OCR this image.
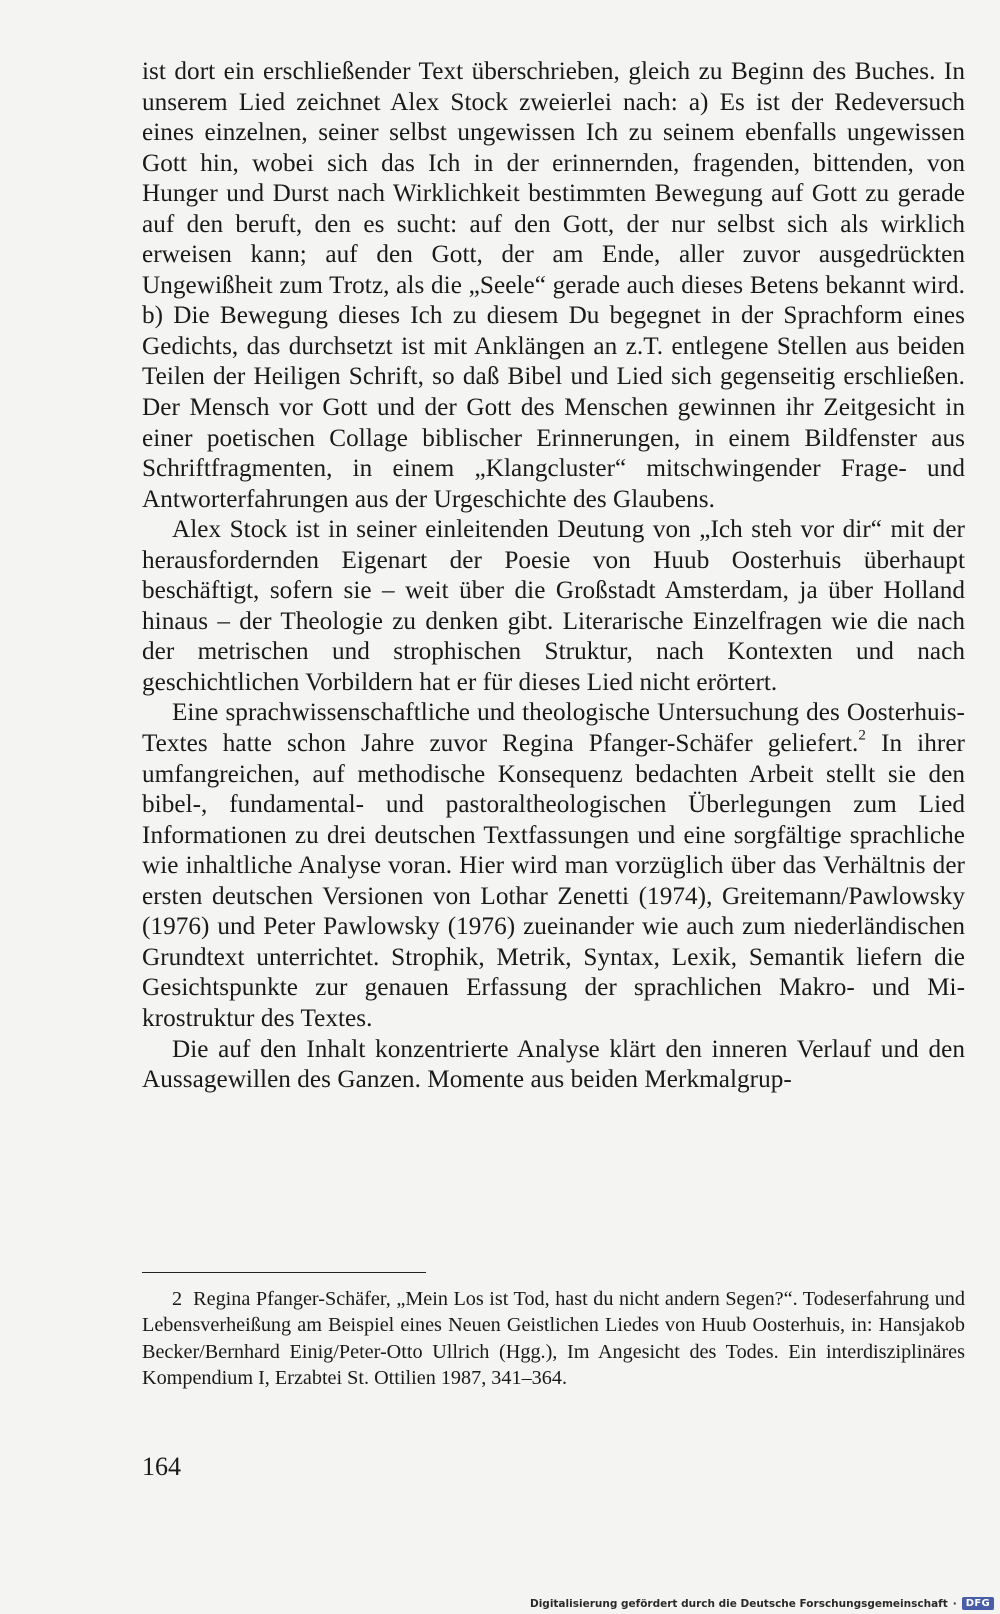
ist dort ein erschließender Text überschrieben, gleich zu Beginn des Buches. In unserem Lied zeichnet Alex Stock zweierlei nach: a) Es ist der Redeversuch eines einzelnen, seiner selbst ungewissen Ich zu seinem ebenfalls ungewissen Gott hin, wobei sich das Ich in der erinnernden, fragenden, bittenden, von Hunger und Durst nach Wirklichkeit bestimmten Bewegung auf Gott zu gerade auf den beruft, den es sucht: auf den Gott, der nur selbst sich als wirklich erweisen kann; auf den Gott, der am Ende, aller zuvor ausgedrückten Ungewißheit zum Trotz, als die „Seele“ gerade auch dieses Betens bekannt wird. b) Die Bewegung dieses Ich zu diesem Du begegnet in der Sprachform eines Gedichts, das durchsetzt ist mit Anklängen an z.T. entlegene Stellen aus beiden Teilen der Heiligen Schrift, so daß Bibel und Lied sich gegenseitig erschließen. Der Mensch vor Gott und der Gott des Menschen gewinnen ihr Zeitgesicht in einer poetischen Collage biblischer Erinnerungen, in einem Bildfenster aus Schriftfragmenten, in einem „Klangcluster“ mitschwingender Frage- und Antworterfahrungen aus der Urgeschichte des Glaubens.

Alex Stock ist in seiner einleitenden Deutung von „Ich steh vor dir“ mit der herausfordernden Eigenart der Poesie von Huub Oosterhuis überhaupt beschäftigt, sofern sie – weit über die Großstadt Amsterdam, ja über Holland hinaus – der Theologie zu denken gibt. Literarische Einzelfragen wie die nach der metrischen und strophischen Struktur, nach Kontexten und nach geschichtlichen Vorbildern hat er für dieses Lied nicht erörtert.

Eine sprachwissenschaftliche und theologische Untersuchung des Oosterhuis-Textes hatte schon Jahre zuvor Regina Pfanger-Schäfer geliefert.$^2$ In ihrer umfangreichen, auf methodische Konsequenz bedachten Arbeit stellt sie den bibel-, fundamental- und pastoraltheologischen Überlegungen zum Lied Informationen zu drei deutschen Textfassungen und eine sorgfältige sprachliche wie inhaltliche Analyse voran. Hier wird man vorzüglich über das Verhältnis der ersten deutschen Versionen von Lothar Zenetti (1974), Greitemann/Pawlowsky (1976) und Peter Pawlowsky (1976) zueinander wie auch zum niederländischen Grundtext unterrichtet. Strophik, Metrik, Syntax, Lexik, Semantik liefern die Gesichtspunkte zur genauen Erfassung der sprachlichen Makro- und Mikrostruktur des Textes.

Die auf den Inhalt konzentrierte Analyse klärt den inneren Verlauf und den Aussagewillen des Ganzen. Momente aus beiden Merkmalgrup-

2 Regina Pfanger-Schäfer, „Mein Los ist Tod, hast du nicht andern Segen?“. Todeserfahrung und Lebensverheißung am Beispiel eines Neuen Geistlichen Liedes von Huub Oosterhuis, in: Hansjakob Becker/Bernhard Einig/Peter-Otto Ullrich (Hgg.), Im Angesicht des Todes. Ein interdisziplinäres Kompendium I, Erzabtei St. Ottilien 1987, 341–364.

164
Digitalisierung gefördert durch die Deutsche Forschungsgemeinschaft · DFG
